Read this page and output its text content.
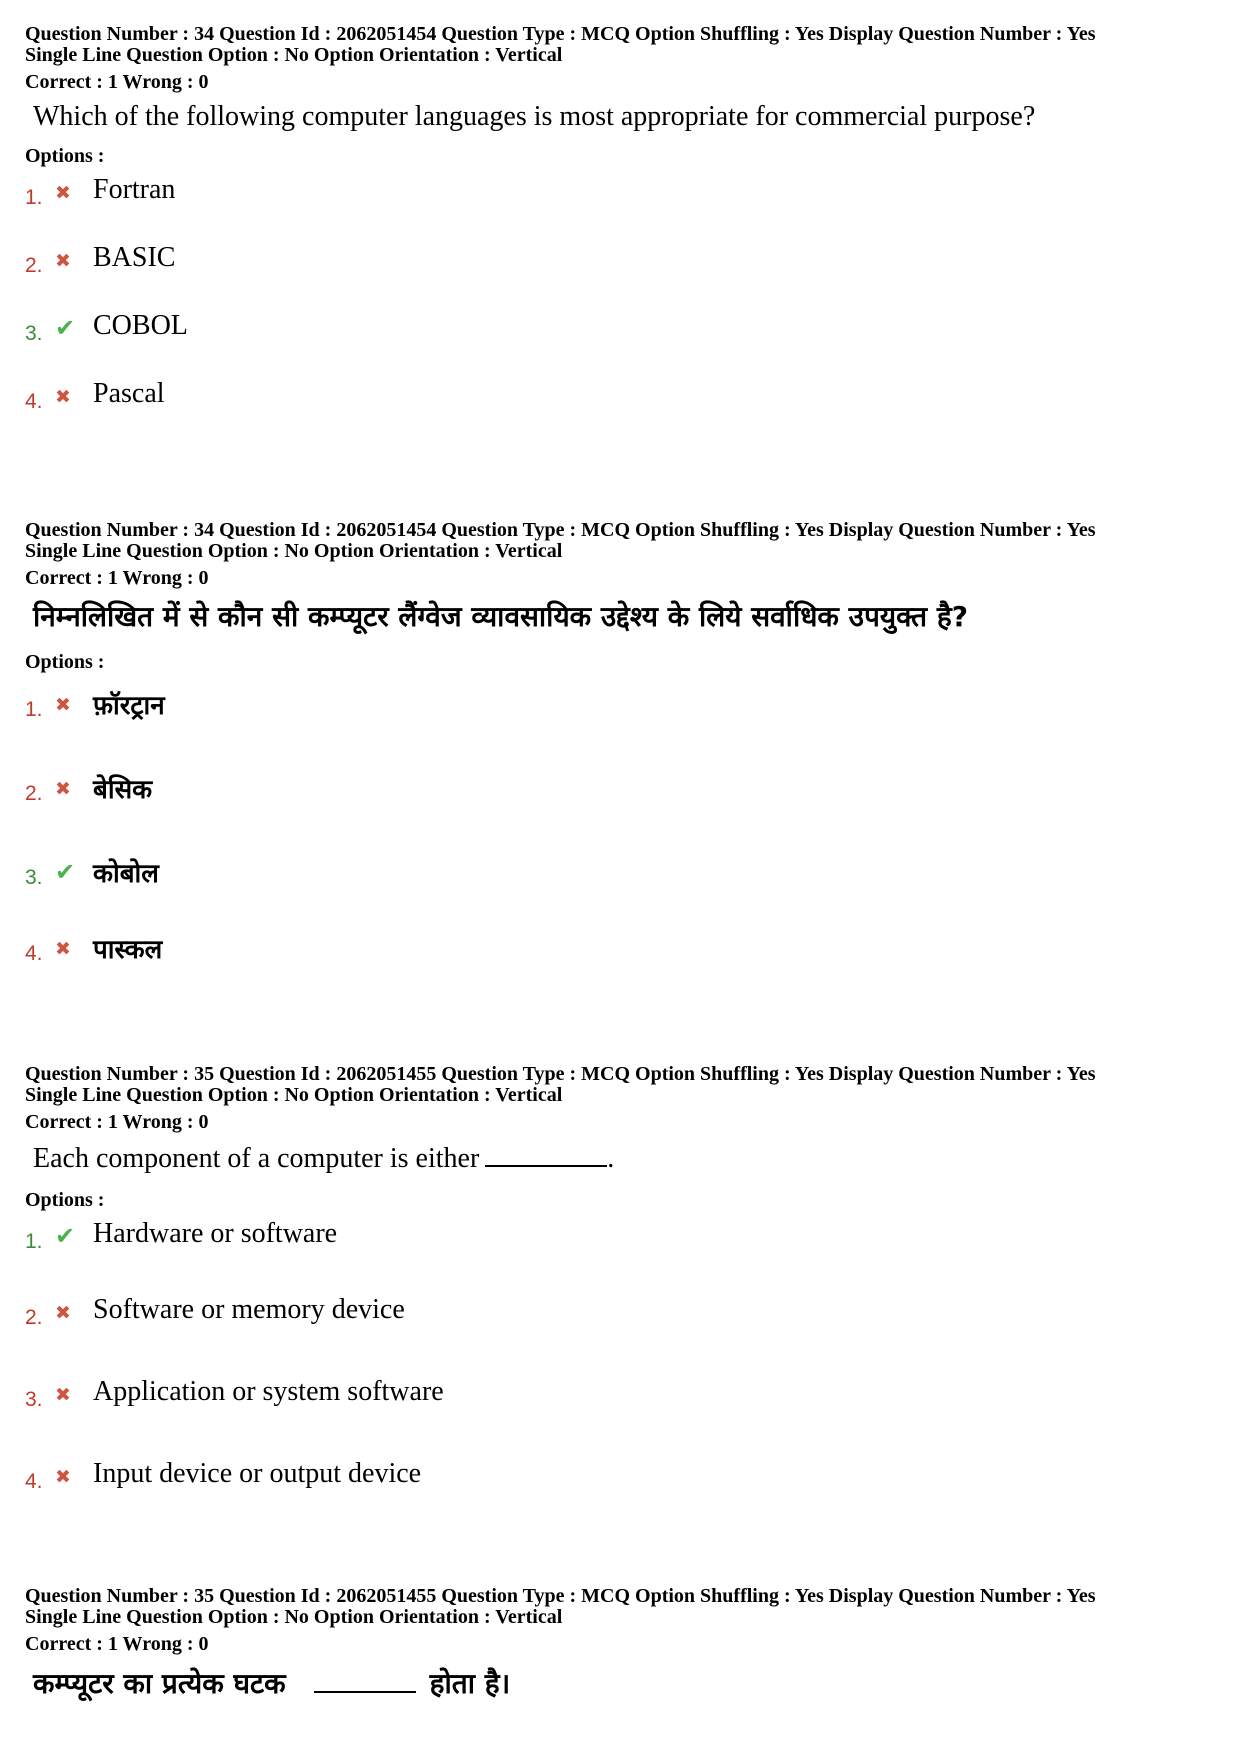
Question Number : 34 Question Id : 2062051454 Question Type : MCQ Option Shuffling : Yes Display Question Number : Yes
Single Line Question Option : No Option Orientation : Vertical
Correct : 1 Wrong : 0
Which of the following computer languages is most appropriate for commercial purpose?
Options :
1. ✖ Fortran
2. ✖ BASIC
3. ✔ COBOL
4. ✖ Pascal
Question Number : 34 Question Id : 2062051454 Question Type : MCQ Option Shuffling : Yes Display Question Number : Yes
Single Line Question Option : No Option Orientation : Vertical
Correct : 1 Wrong : 0
निम्नलिखित में से कौन सी कम्प्यूटर लैंग्वेज व्यावसायिक उद्देश्य के लिये सर्वाधिक उपयुक्त है?
Options :
1. ✖ फ़ॉरट्रान
2. ✖ बेसिक
3. ✔ कोबोल
4. ✖ पास्कल
Question Number : 35 Question Id : 2062051455 Question Type : MCQ Option Shuffling : Yes Display Question Number : Yes
Single Line Question Option : No Option Orientation : Vertical
Correct : 1 Wrong : 0
Each component of a computer is either	.
Options :
1. ✔ Hardware or software
2. ✖ Software or memory device
3. ✖ Application or system software
4. ✖ Input device or output device
Question Number : 35 Question Id : 2062051455 Question Type : MCQ Option Shuffling : Yes Display Question Number : Yes
Single Line Question Option : No Option Orientation : Vertical
Correct : 1 Wrong : 0
कम्प्यूटर का प्रत्येक घटक	होता है।
